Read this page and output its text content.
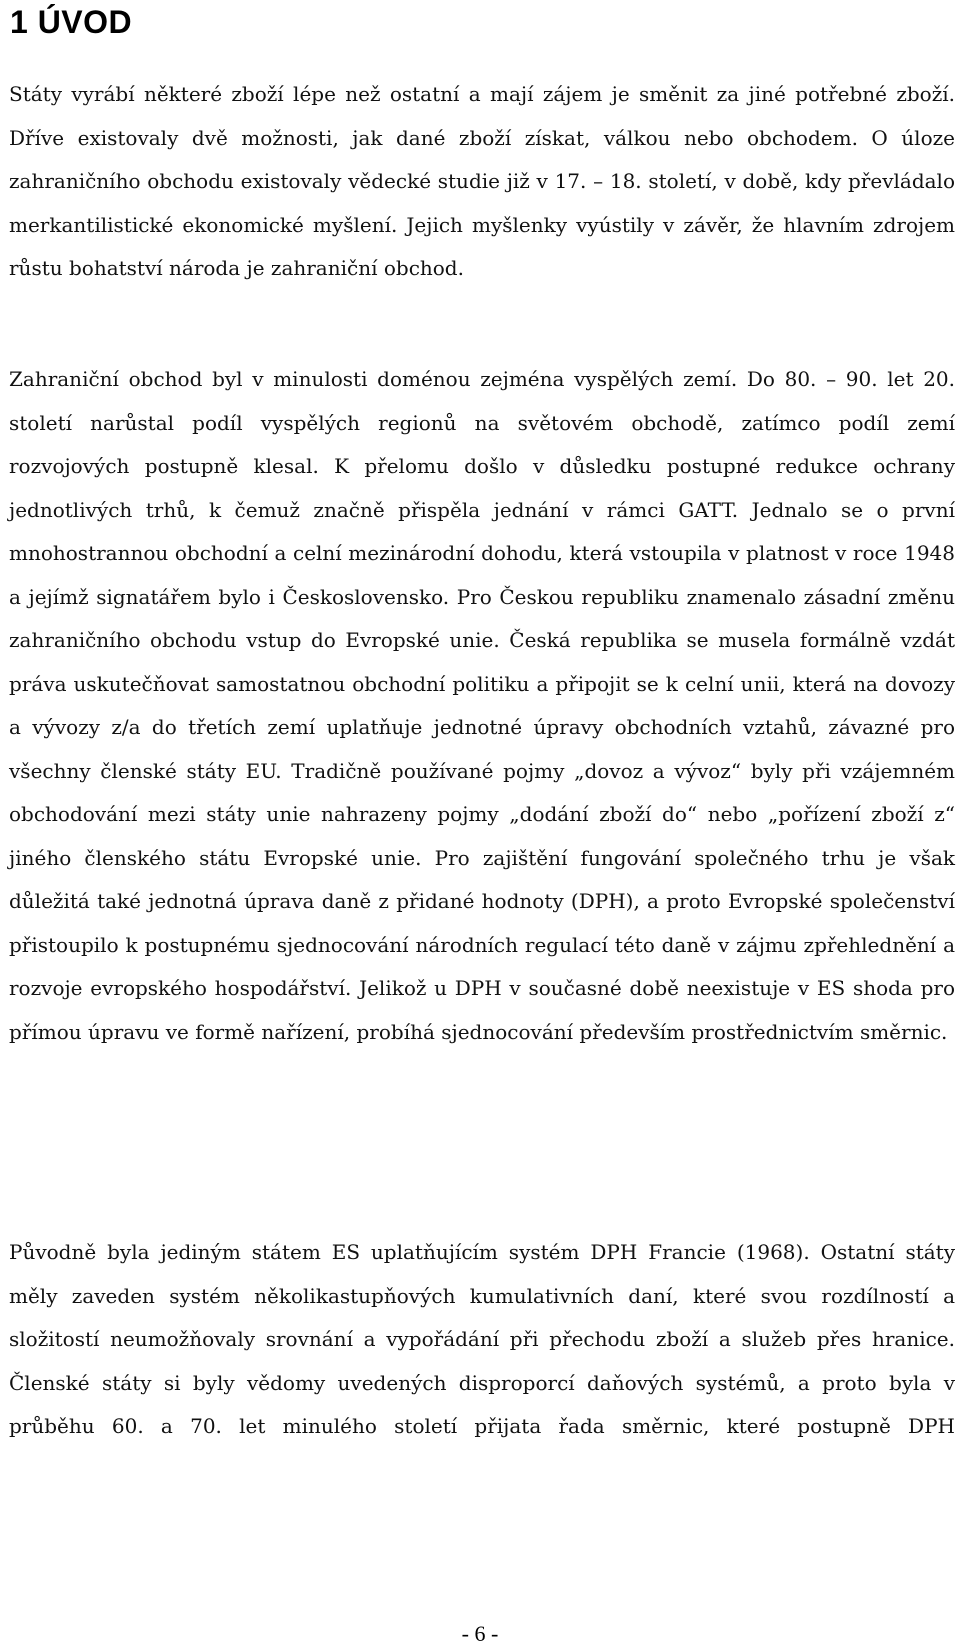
1 ÚVOD

Státy vyrábí některé zboží lépe než ostatní a mají zájem je směnit za jiné potřebné zboží. Dříve existovaly dvě možnosti, jak dané zboží získat, válkou nebo obchodem. O úloze zahraničního obchodu existovaly vědecké studie již v 17. – 18. století, v době, kdy převládalo merkantilistické ekonomické myšlení. Jejich myšlenky vyústily v závěr, že hlavním zdrojem růstu bohatství národa je zahraniční obchod.

Zahraniční obchod byl v minulosti doménou zejména vyspělých zemí. Do 80. – 90. let 20. století narůstal podíl vyspělých regionů na světovém obchodě, zatímco podíl zemí rozvojových postupně klesal. K přelomu došlo v důsledku postupné redukce ochrany jednotlivých trhů, k čemuž značně přispěla jednání v rámci GATT. Jednalo se o první mnohostrannou obchodní a celní mezinárodní dohodu, která vstoupila v platnost v roce 1948 a jejímž signatářem bylo i Československo. Pro Českou republiku znamenalo zásadní změnu zahraničního obchodu vstup do Evropské unie. Česká republika se musela formálně vzdát práva uskutečňovat samostatnou obchodní politiku a připojit se k celní unii, která na dovozy a vývozy z/a do třetích zemí uplatňuje jednotné úpravy obchodních vztahů, závazné pro všechny členské státy EU. Tradičně používané pojmy „dovoz a vývoz“ byly při vzájemném obchodování mezi státy unie nahrazeny pojmy „dodání zboží do“ nebo „pořízení zboží z“ jiného členského státu Evropské unie. Pro zajištění fungování společného trhu je však důležitá také jednotná úprava daně z přidané hodnoty (DPH), a proto Evropské společenství přistoupilo k postupnému sjednocování národních regulací této daně v zájmu zpřehlednění a rozvoje evropského hospodářství. Jelikož u DPH v současné době neexistuje v ES shoda pro přímou úpravu ve formě nařízení, probíhá sjednocování především prostřednictvím směrnic.

Původně byla jediným státem ES uplatňujícím systém DPH Francie (1968). Ostatní státy měly zaveden systém několikastupňových kumulativních daní, které svou rozdílností a složitostí neumožňovaly srovnání a vypořádání při přechodu zboží a služeb přes hranice. Členské státy si byly vědomy uvedených disproporcí daňových systémů, a proto byla v průběhu 60. a 70. let minulého století přijata řada směrnic, které postupně DPH

- 6 -
